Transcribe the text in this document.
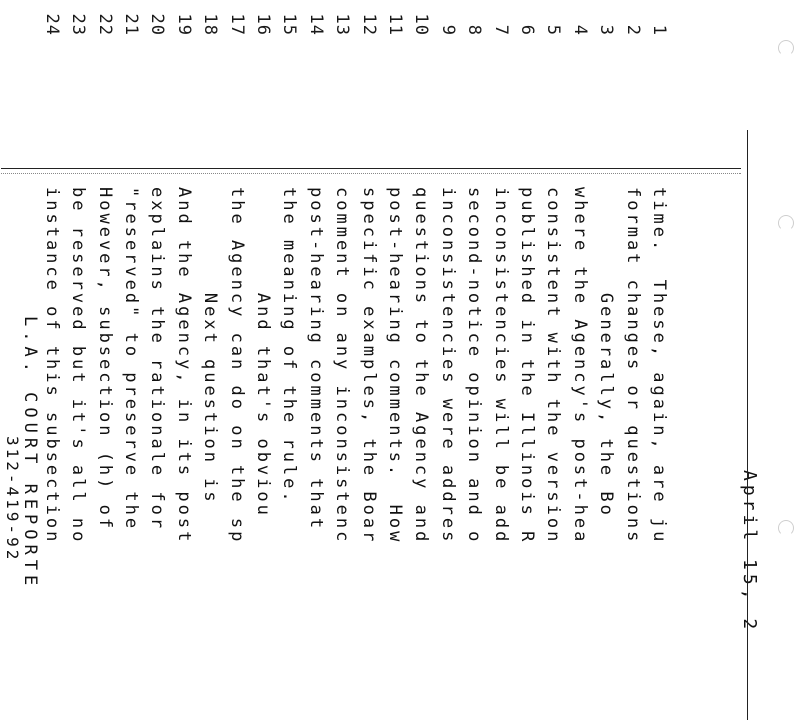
April 15, 2
1
2
3
4
5
6
7
8
9
10
11
12
13
14
15
16
17
18
19
20
21
22
23
24
time.  These, again, are ju
format changes or questions
Generally, the Bo
where the Agency's post-hea
consistent with the version
published in the Illinois R
inconsistencies will be add
second-notice opinion and o
inconsistencies were addres
questions to the Agency and
post-hearing comments.  How
specific examples, the Boar
comment on any inconsistenc
post-hearing comments that
the meaning of the rule.
And that's obviou
the Agency can do on the sp
Next question is
And the Agency, in its post
explains the rationale for
"reserved" to preserve the
However, subsection (h) of
be reserved but it's all no
instance of this subsection
L.A. COURT REPORTE
312-419-92
